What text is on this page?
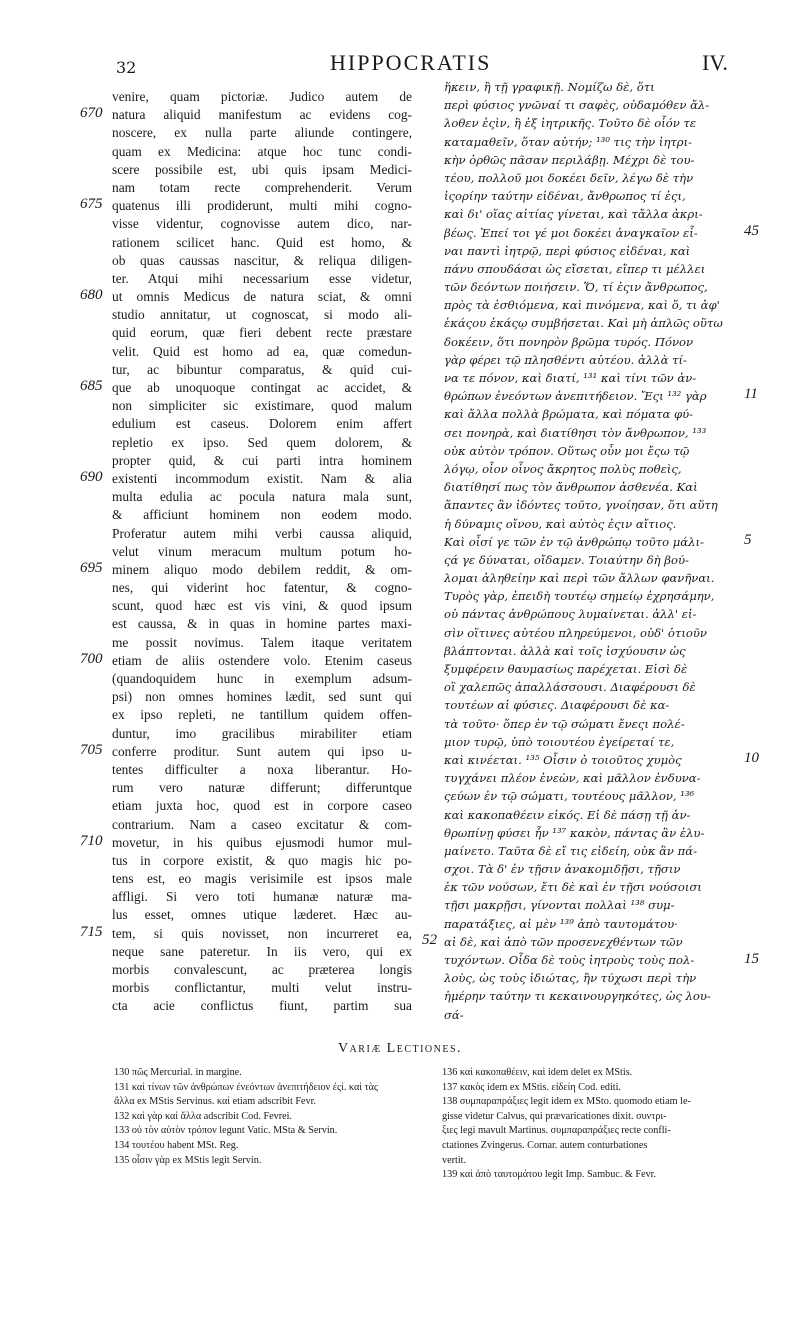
32	HIPPOCRATIS	IV.
venire, quam pictoriæ. Judico autem de
natura aliquid manifestum ac evidens cog-
noscere, ex nulla parte aliunde contingere,
quam ex Medicina: atque hoc tunc condi-
scere possibile est, ubi quis ipsam Medici-
nam totam recte comprehenderit. Verum
quatenus illi prodiderunt, multi mihi cogno-
visse videntur, cognovisse autem dico, nar-
rationem scilicet hanc. Quid est homo, &
ob quas caussas nascitur, & reliqua diligen-
ter. Atqui mihi necessarium esse videtur,
ut omnis Medicus de natura sciat, & omni
studio annitatur, ut cognoscat, si modo ali-
quid eorum, quæ fieri debent recte præstare
velit. Quid est homo ad ea, quæ comedun-
tur, ac bibuntur comparatus, & quid cui-
que ab unoquoque contingat ac accidet, &
non simpliciter sic existimare, quod malum
edulium est caseus. Dolorem enim affert
repletio ex ipso. Sed quem dolorem, &
propter quid, & cui parti intra hominem
existenti incommodum existit. Nam & alia
multa edulia ac pocula natura mala sunt,
& afficiunt hominem non eodem modo.
Proferatur autem mihi verbi caussa aliquid,
velut vinum meracum multum potum ho-
minem aliquo modo debilem reddit, & om-
nes, qui viderint hoc fatentur, & cogno-
scunt, quod hæc est vis vini, & quod ipsum
est caussa, & in quas in homine partes maxi-
me possit novimus. Talem itaque veritatem
etiam de aliis ostendere volo. Etenim caseus
(quandoquidem hunc in exemplum adsum-
psi) non omnes homines lædit, sed sunt qui
ex ipso repleti, ne tantillum quidem offen-
duntur, imo gracilibus mirabiliter etiam
conferre proditur. Sunt autem qui ipso u-
tentes difficulter a noxa liberantur. Ho-
rum vero naturæ differunt; differuntque
etiam juxta hoc, quod est in corpore caseo
contrarium. Nam a caseo excitatur & com-
movetur, in his quibus ejusmodi humor mul-
tus in corpore existit, & quo magis hic po-
tens est, eo magis verisimile est ipsos male
affligi. Si vero toti humanæ naturæ ma-
lus esset, omnes utique læderet. Hæc au-
tem, si quis novisset, non incurreret ea,
neque sane pateretur. In iis vero, qui ex
morbis convalescunt, ac præterea longis
morbis conflictantur, multi velut instru-
cta acie conflictus fiunt, partim sua
ἥκειν, ἢ τῇ γραφικῇ. Νομίζω δὲ, ὅτι
περὶ φύσιος γνῶναί τι σαφὲς, οὐδαμόθεν ἄλ-
λοθεν ἐςὶν, ἢ ἐξ ἰητρικῆς. Τοῦτο δὲ οἷόν τε
καταμαθεῖν, ὅταν αὐτήν; ¹³⁰ τις τὴν ἰητρι-
κὴν ὀρθῶς πᾶσαν περιλάβῃ. Μέχρι δὲ του-
τέου, πολλοῦ μοι δοκέει δεῖν, λέγω δὲ τὴν
ἱςορίην ταύτην εἰδέναι, ἄνθρωπος τί ἐςι,
καὶ δι' οἵας αἰτίας γίνεται, καὶ τἄλλα ἀκρι-
βέως. Ἐπεί τοι γέ μοι δοκέει ἀναγκαῖον εἶ-
ναι παντὶ ἰητρῷ, περὶ φύσιος εἰδέναι, καὶ
πάνυ σπουδάσαι ὡς εἴσεται, εἴπερ τι μέλλει
τῶν δεόντων ποιήσειν. Ὅ, τί ἐςιν ἄνθρωπος,
πρὸς τὰ ἐσθιόμενα, καὶ πινόμενα, καὶ ὅ, τι ἀφ'
ἑκάςου ἑκάςῳ συμβήσεται. Καὶ μὴ ἁπλῶς οὕτω
δοκέειν, ὅτι πονηρὸν βρῶμα τυρός. Πόνον
γὰρ φέρει τῷ πλησθέντι αὐτέου. ἀλλὰ τί-
να τε πόνον, καὶ διατί, ¹³¹ καὶ τίνι τῶν ἀν-
θρώπων ἐνεόντων ἀνεπιτήδειον. Ἔςι ¹³² γὰρ
καὶ ἄλλα πολλὰ βρώματα, καὶ πόματα φύ-
σει πονηρὰ, καὶ διατίθησι τὸν ἄνθρωπον, ¹³³
οὐκ αὐτὸν τρόπον. Οὕτως οὖν μοι ἔςω τῷ
λόγῳ, οἷον οἶνος ἄκρητος πολὺς ποθεὶς,
διατίθησί πως τὸν ἄνθρωπον ἀσθενέα. Καὶ
ἅπαντες ἂν ἰδόντες τοῦτο, γνοίησαν, ὅτι αὕτη
ἡ δύναμις οἴνου, καὶ αὐτὸς ἐςιν αἴτιος.
Καὶ οἷσί γε τῶν ἐν τῷ ἀνθρώπῳ τοῦτο μάλι-
ςά γε δύναται, οἴδαμεν. Τοιαύτην δὴ βού-
λομαι ἀληθείην καὶ περὶ τῶν ἄλλων φανῆναι.
Τυρὸς γὰρ, ἐπειδὴ τουτέῳ σημείῳ ἐχρησάμην,
οὐ πάντας ἀνθρώπους λυμαίνεται. ἀλλ' εἰ-
σὶν οἵτινες αὐτέου πληρεύμενοι, οὐδ' ὁτιοῦν
βλάπτονται. ἀλλὰ καὶ τοῖς ἰσχύουσιν ὡς
ξυμφέρειν θαυμασίως παρέχεται. Εἰσὶ δὲ
οἳ χαλεπῶς ἀπαλλάσσουσι. Διαφέρουσι δὲ
τουτέων αἱ φύσιες. Διαφέρουσι δὲ κα-
τὰ τοῦτο· ὅπερ ἐν τῷ σώματι ἔνεςι πολέ-
μιον τυρῷ, ὑπὸ τοιουτέου ἐγείρεταί τε,
καὶ κινέεται. ¹³⁵ Οἷσιν ὁ τοιοῦτος χυμὸς
τυγχάνει πλέον ἐνεὼν, καὶ μᾶλλον ἐνδυνα-
ςεύων ἐν τῷ σώματι, τουτέους μᾶλλον, ¹³⁶
καὶ κακοπαθέειν εἰκός. Εἰ δὲ πάσῃ τῇ ἀν-
θρωπίνῃ φύσει ἦν ¹³⁷ κακὸν, πάντας ἂν ἐλυ-
μαίνετο. Ταῦτα δὲ εἴ τις εἰδείη, οὐκ ἂν πά-
σχοι. Τὰ δ' ἐν τῇσιν ἀνακομιδῇσι, τῇσιν
ἐκ τῶν νούσων, ἔτι δὲ καὶ ἐν τῇσι νούσοισι
τῇσι μακρῇσι, γίνονται πολλαὶ ¹³⁸ συμ-
παρατάξιες, αἱ μὲν ¹³⁹ ἀπὸ ταυτομάτου·
αἱ δὲ, καὶ ἀπὸ τῶν προσενεχθέντων τῶν
τυχόντων. Οἶδα δὲ τοὺς ἰητροὺς τοὺς πολ-
λοὺς, ὡς τοὺς ἰδιώτας, ἢν τύχωσι περὶ τὴν
ἡμέρην ταύτην τι κεκαινουργηκότες, ὡς λου-
σά-
670
675
680
685
690
695
700
705
710
715
45
11
5
10
15
52
Variæ Lectiones.
130 πῶς Mercurial. in margine.
131 καὶ τίνων τῶν ἀνθρώπων ἐνεόντων ἀνεπιτήδειον ἐςί. καὶ τὰς
ἄλλα ex MStis Servinus. καὶ etiam adscribit Fevr.
132 καὶ γὰρ καὶ ἄλλα adscribit Cod. Fevrei.
133 οὐ τὸν αὐτὸν τρόπον legunt Vatic. MSta & Servin.
134 τουτέου habent MSt. Reg.
135 οἷσιν γὰρ ex MStis legit Servin.
136 καὶ κακοπαθέειν, καὶ idem delet ex MStis.
137 κακὸς idem ex MStis. εἰδείη Cod. editi.
138 συμπαραπράξιες legit idem ex MSto. quomodo etiam le-
gisse videtur Calvus, qui prævaricationes dixit. συντρι-
ξιες legi mavult Martinus. συμπαραπράξιες recte confli-
ctationes Zvingerus. Cornar. autem conturbationes
vertit.
139 καὶ ἀπὸ ταυτομάτου legit Imp. Sambuc. & Fevr.
